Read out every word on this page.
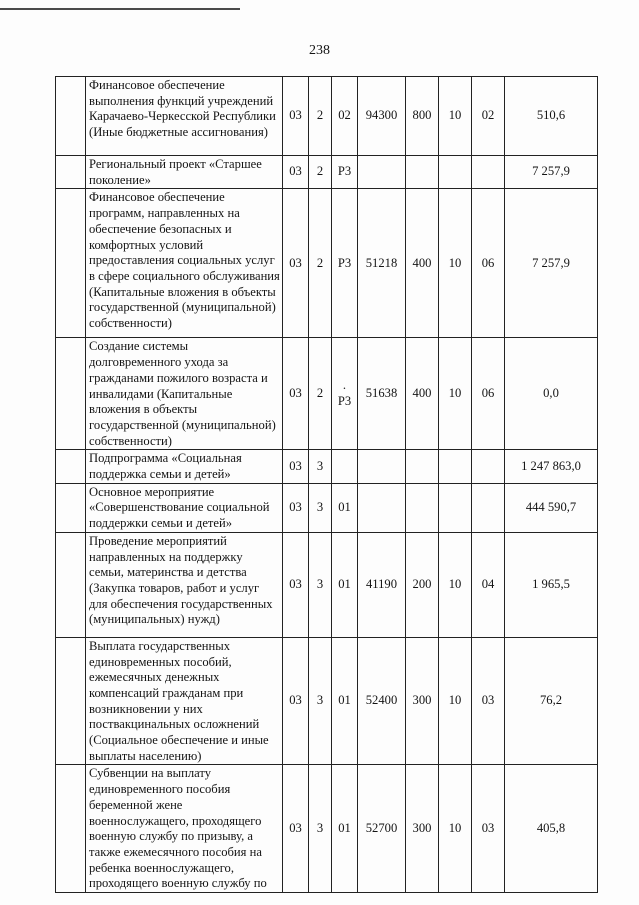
238
	Финансовое обеспечение выполнения функций учреждений Карачаево-Черкесской Республики (Иные бюджетные ассигнования)	03	2	02	94300	800	10	02	510,6
	Региональный проект «Старшее поколение»	03	2	P3					7 257,9
	Финансовое обеспечение программ, направленных на обеспечение безопасных и комфортных условий предоставления социальных услуг в сфере социального обслуживания (Капитальные вложения в объекты государственной (муниципальной) собственности)	03	2	P3	51218	400	10	06	7 257,9
	Создание системы долговременного ухода за гражданами пожилого возраста и инвалидами (Капитальные вложения в объекты государственной (муниципальной) собственности)	03	2	. P3	51638	400	10	06	0,0
	Подпрограмма «Социальная поддержка семьи и детей»	03	3						1 247 863,0
	Основное мероприятие «Совершенствование социальной поддержки семьи и детей»	03	3	01					444 590,7
	Проведение мероприятий направленных на поддержку семьи, материнства и детства (Закупка товаров, работ и услуг для обеспечения государственных (муниципальных) нужд)	03	3	01	41190	200	10	04	1 965,5
	Выплата государственных единовременных пособий, ежемесячных денежных компенсаций гражданам при возникновении у них поствакцинальных осложнений (Социальное обеспечение и иные выплаты населению)	03	3	01	52400	300	10	03	76,2
	Субвенции на выплату единовременного пособия беременной жене военнослужащего, проходящего военную службу по призыву, а также ежемесячного пособия на ребенка военнослужащего, проходящего военную службу по	03	3	01	52700	300	10	03	405,8
